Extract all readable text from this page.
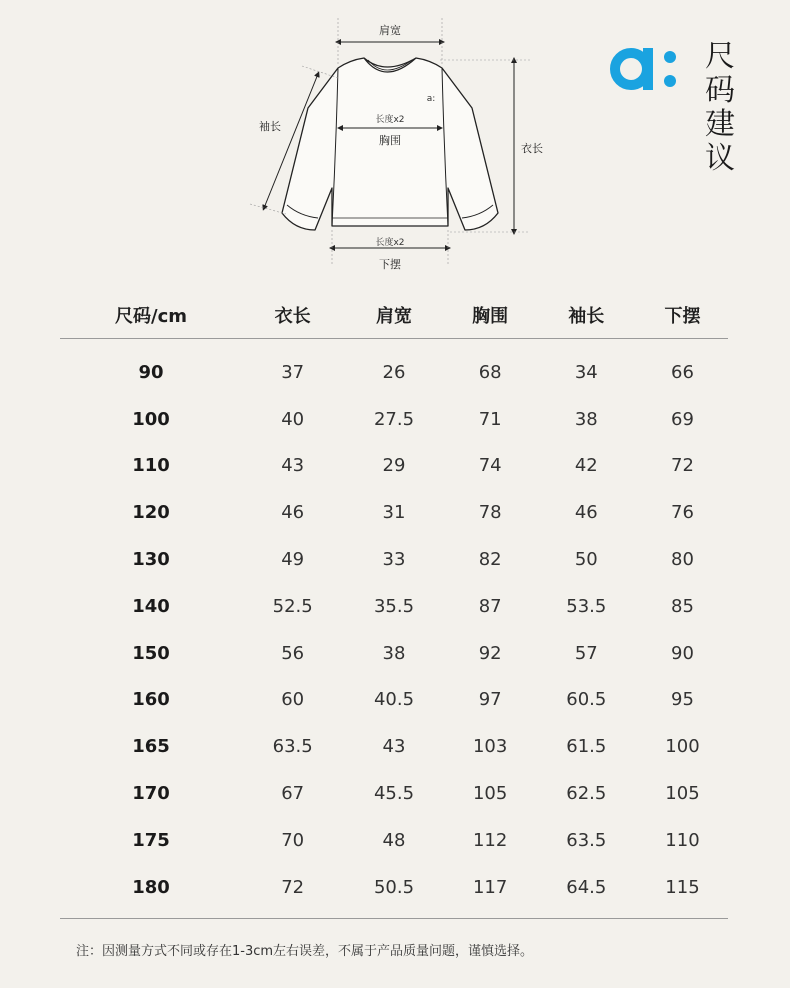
肩宽
袖长
衣长
长度x2
a:
胸围
长度x2
下摆
尺码建议
尺码/cm	衣长	肩宽	胸围	袖长	下摆
90	37	26	68	34	66
100	40	27.5	71	38	69
110	43	29	74	42	72
120	46	31	78	46	76
130	49	33	82	50	80
140	52.5	35.5	87	53.5	85
150	56	38	92	57	90
160	60	40.5	97	60.5	95
165	63.5	43	103	61.5	100
170	67	45.5	105	62.5	105
175	70	48	112	63.5	110
180	72	50.5	117	64.5	115
注：因测量方式不同或存在1-3cm左右误差，不属于产品质量问题，谨慎选择。
